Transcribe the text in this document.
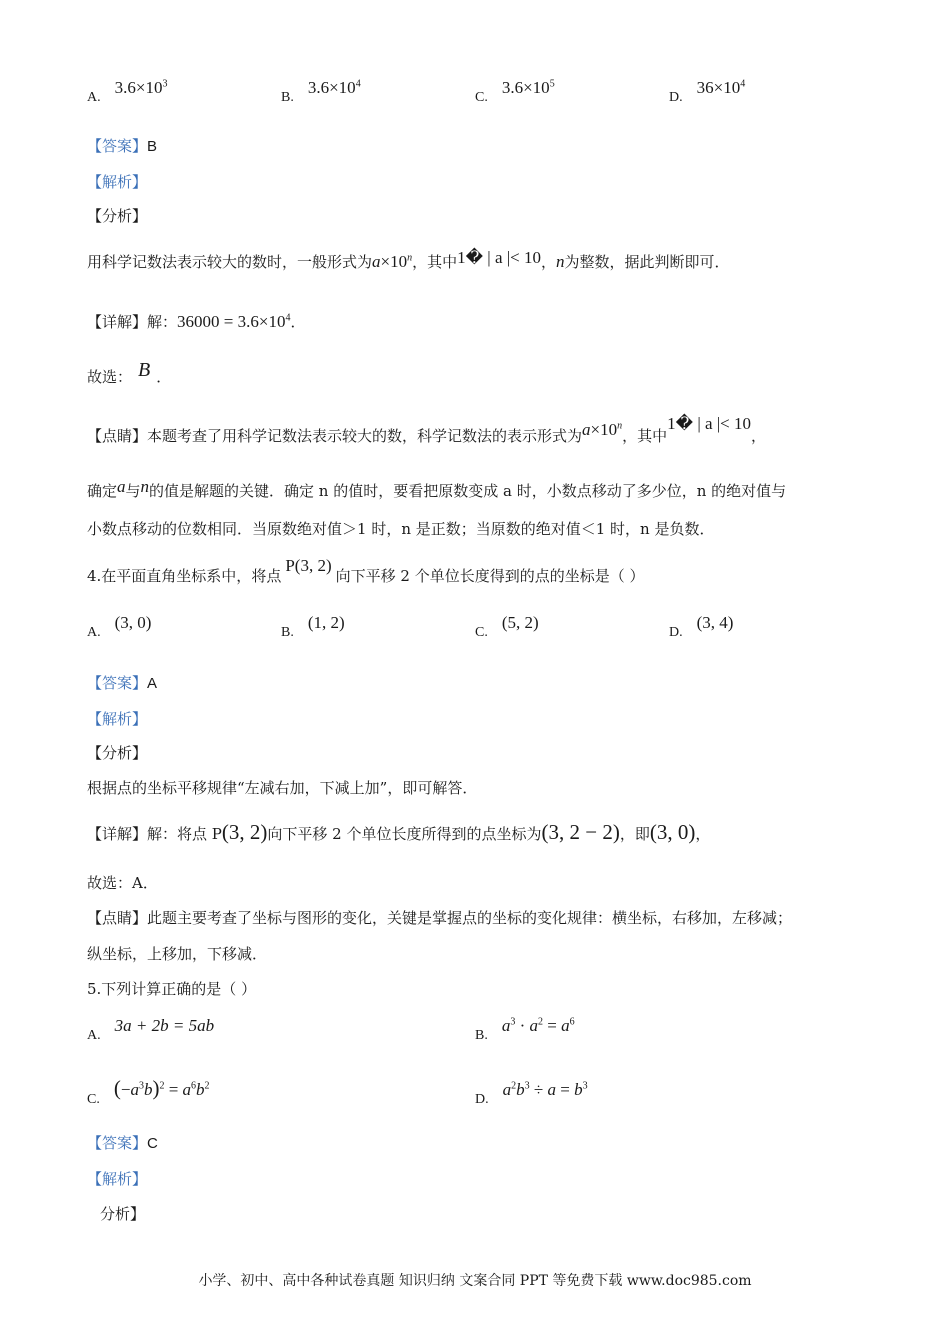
$A.3.6\times 10^3$
$B.3.6\times 10^4$
$C.3.6\times 10^5$
$D.36\times 10^4$
【答案】B
【解析】
【分析】
用科学记数法表示较大的数时，一般形式为$a\times 10^n$，其中1� | a |< 10，n为整数，据此判断即可．
【详解】解：$36000 = 3.6\times 10^4$．
故选： B ．
【点睛】本题考查了用科学记数法表示较大的数，科学记数法的表示形式为$a\times 10^n$，其中1� | a |< 10，
确定a与n的值是解题的关键．确定 n 的值时，要看把原数变成 a 时，小数点移动了多少位，n 的绝对值与
小数点移动的位数相同．当原数绝对值＞1 时，n 是正数；当原数的绝对值＜1 时，n 是负数．
4.在平面直角坐标系中，将点P(3, 2)向下平移 2 个单位长度得到的点的坐标是（ ）
A.(3, 0)
B.(1, 2)
C.(5, 2)
D.(3, 4)
【答案】A
【解析】
【分析】
根据点的坐标平移规律“左减右加，下减上加”，即可解答．
【详解】解：将点 P(3, 2)向下平移 2 个单位长度所得到的点坐标为(3, 2 − 2)，即(3, 0)，
故选：A．
【点睛】此题主要考查了坐标与图形的变化，关键是掌握点的坐标的变化规律：横坐标，右移加，左移减；
纵坐标，上移加，下移减．
5.下列计算正确的是（ ）
A.3a + 2b = 5ab
$B.a^3 \cdot a^2 = a^6$
C. $(-a^3b)^2 = a^6b^2$
$D.a^2b^3 \div a = b^3$
【答案】C
【解析】
分析】
小学、初中、高中各种试卷真题 知识归纳 文案合同 PPT 等免费下载 www.doc985.com
